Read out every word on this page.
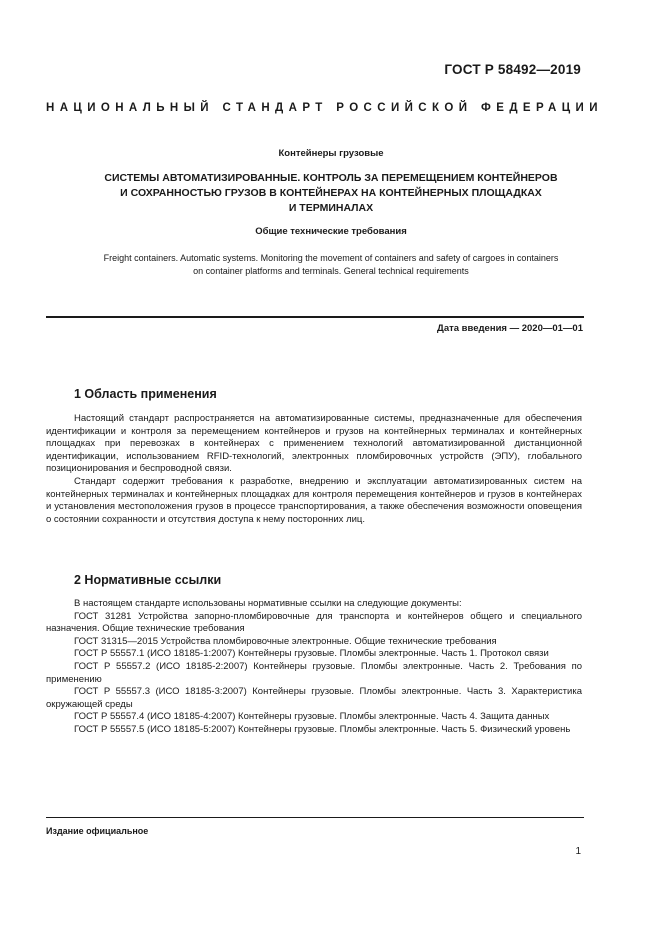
ГОСТ Р 58492—2019
НАЦИОНАЛЬНЫЙ СТАНДАРТ РОССИЙСКОЙ ФЕДЕРАЦИИ
Контейнеры грузовые
СИСТЕМЫ АВТОМАТИЗИРОВАННЫЕ. КОНТРОЛЬ ЗА ПЕРЕМЕЩЕНИЕМ КОНТЕЙНЕРОВ
И СОХРАННОСТЬЮ ГРУЗОВ В КОНТЕЙНЕРАХ НА КОНТЕЙНЕРНЫХ ПЛОЩАДКАХ
И ТЕРМИНАЛАХ
Общие технические требования
Freight containers. Automatic systems. Monitoring the movement of containers and safety of cargoes in containers
on container platforms and terminals. General technical requirements
Дата введения — 2020—01—01
1 Область применения
Настоящий стандарт распространяется на автоматизированные системы, предназначенные для обеспечения идентификации и контроля за перемещением контейнеров и грузов на контейнерных терминалах и контейнерных площадках при перевозках в контейнерах с применением технологий автоматизированной дистанционной идентификации, использованием RFID-технологий, электронных пломбировочных устройств (ЭПУ), глобального позиционирования и беспроводной связи.
Стандарт содержит требования к разработке, внедрению и эксплуатации автоматизированных систем на контейнерных терминалах и контейнерных площадках для контроля перемещения контейнеров и грузов в контейнерах и установления местоположения грузов в процессе транспортирования, а также обеспечения возможности оповещения о состоянии сохранности и отсутствия доступа к нему посторонних лиц.
2 Нормативные ссылки
В настоящем стандарте использованы нормативные ссылки на следующие документы:
ГОСТ 31281 Устройства запорно-пломбировочные для транспорта и контейнеров общего и специального назначения. Общие технические требования
ГОСТ 31315—2015 Устройства пломбировочные электронные. Общие технические требования
ГОСТ Р 55557.1 (ИСО 18185-1:2007) Контейнеры грузовые. Пломбы электронные. Часть 1. Протокол связи
ГОСТ Р 55557.2 (ИСО 18185-2:2007) Контейнеры грузовые. Пломбы электронные. Часть 2. Требования по применению
ГОСТ Р 55557.3 (ИСО 18185-3:2007) Контейнеры грузовые. Пломбы электронные. Часть 3. Характеристика окружающей среды
ГОСТ Р 55557.4 (ИСО 18185-4:2007) Контейнеры грузовые. Пломбы электронные. Часть 4. Защита данных
ГОСТ Р 55557.5 (ИСО 18185-5:2007) Контейнеры грузовые. Пломбы электронные. Часть 5. Физический уровень
Издание официальное
1
